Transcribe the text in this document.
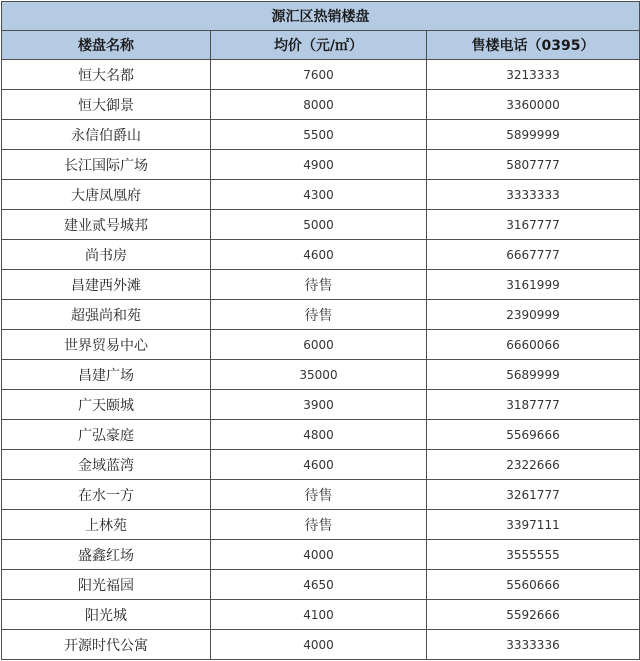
源汇区热销楼盘		
楼盘名称	均价（元/㎡）	售楼电话（0395）
恒大名都	7600	3213333
恒大御景	8000	3360000
永信伯爵山	5500	5899999
长江国际广场	4900	5807777
大唐凤凰府	4300	3333333
建业贰号城邦	5000	3167777
尚书房	4600	6667777
昌建西外滩	待售	3161999
超强尚和苑	待售	2390999
世界贸易中心	6000	6660066
昌建广场	35000	5689999
广天颐城	3900	3187777
广弘豪庭	4800	5569666
金域蓝湾	4600	2322666
在水一方	待售	3261777
上林苑	待售	3397111
盛鑫红场	4000	3555555
阳光福园	4650	5560666
阳光城	4100	5592666
开源时代公寓	4000	3333336
